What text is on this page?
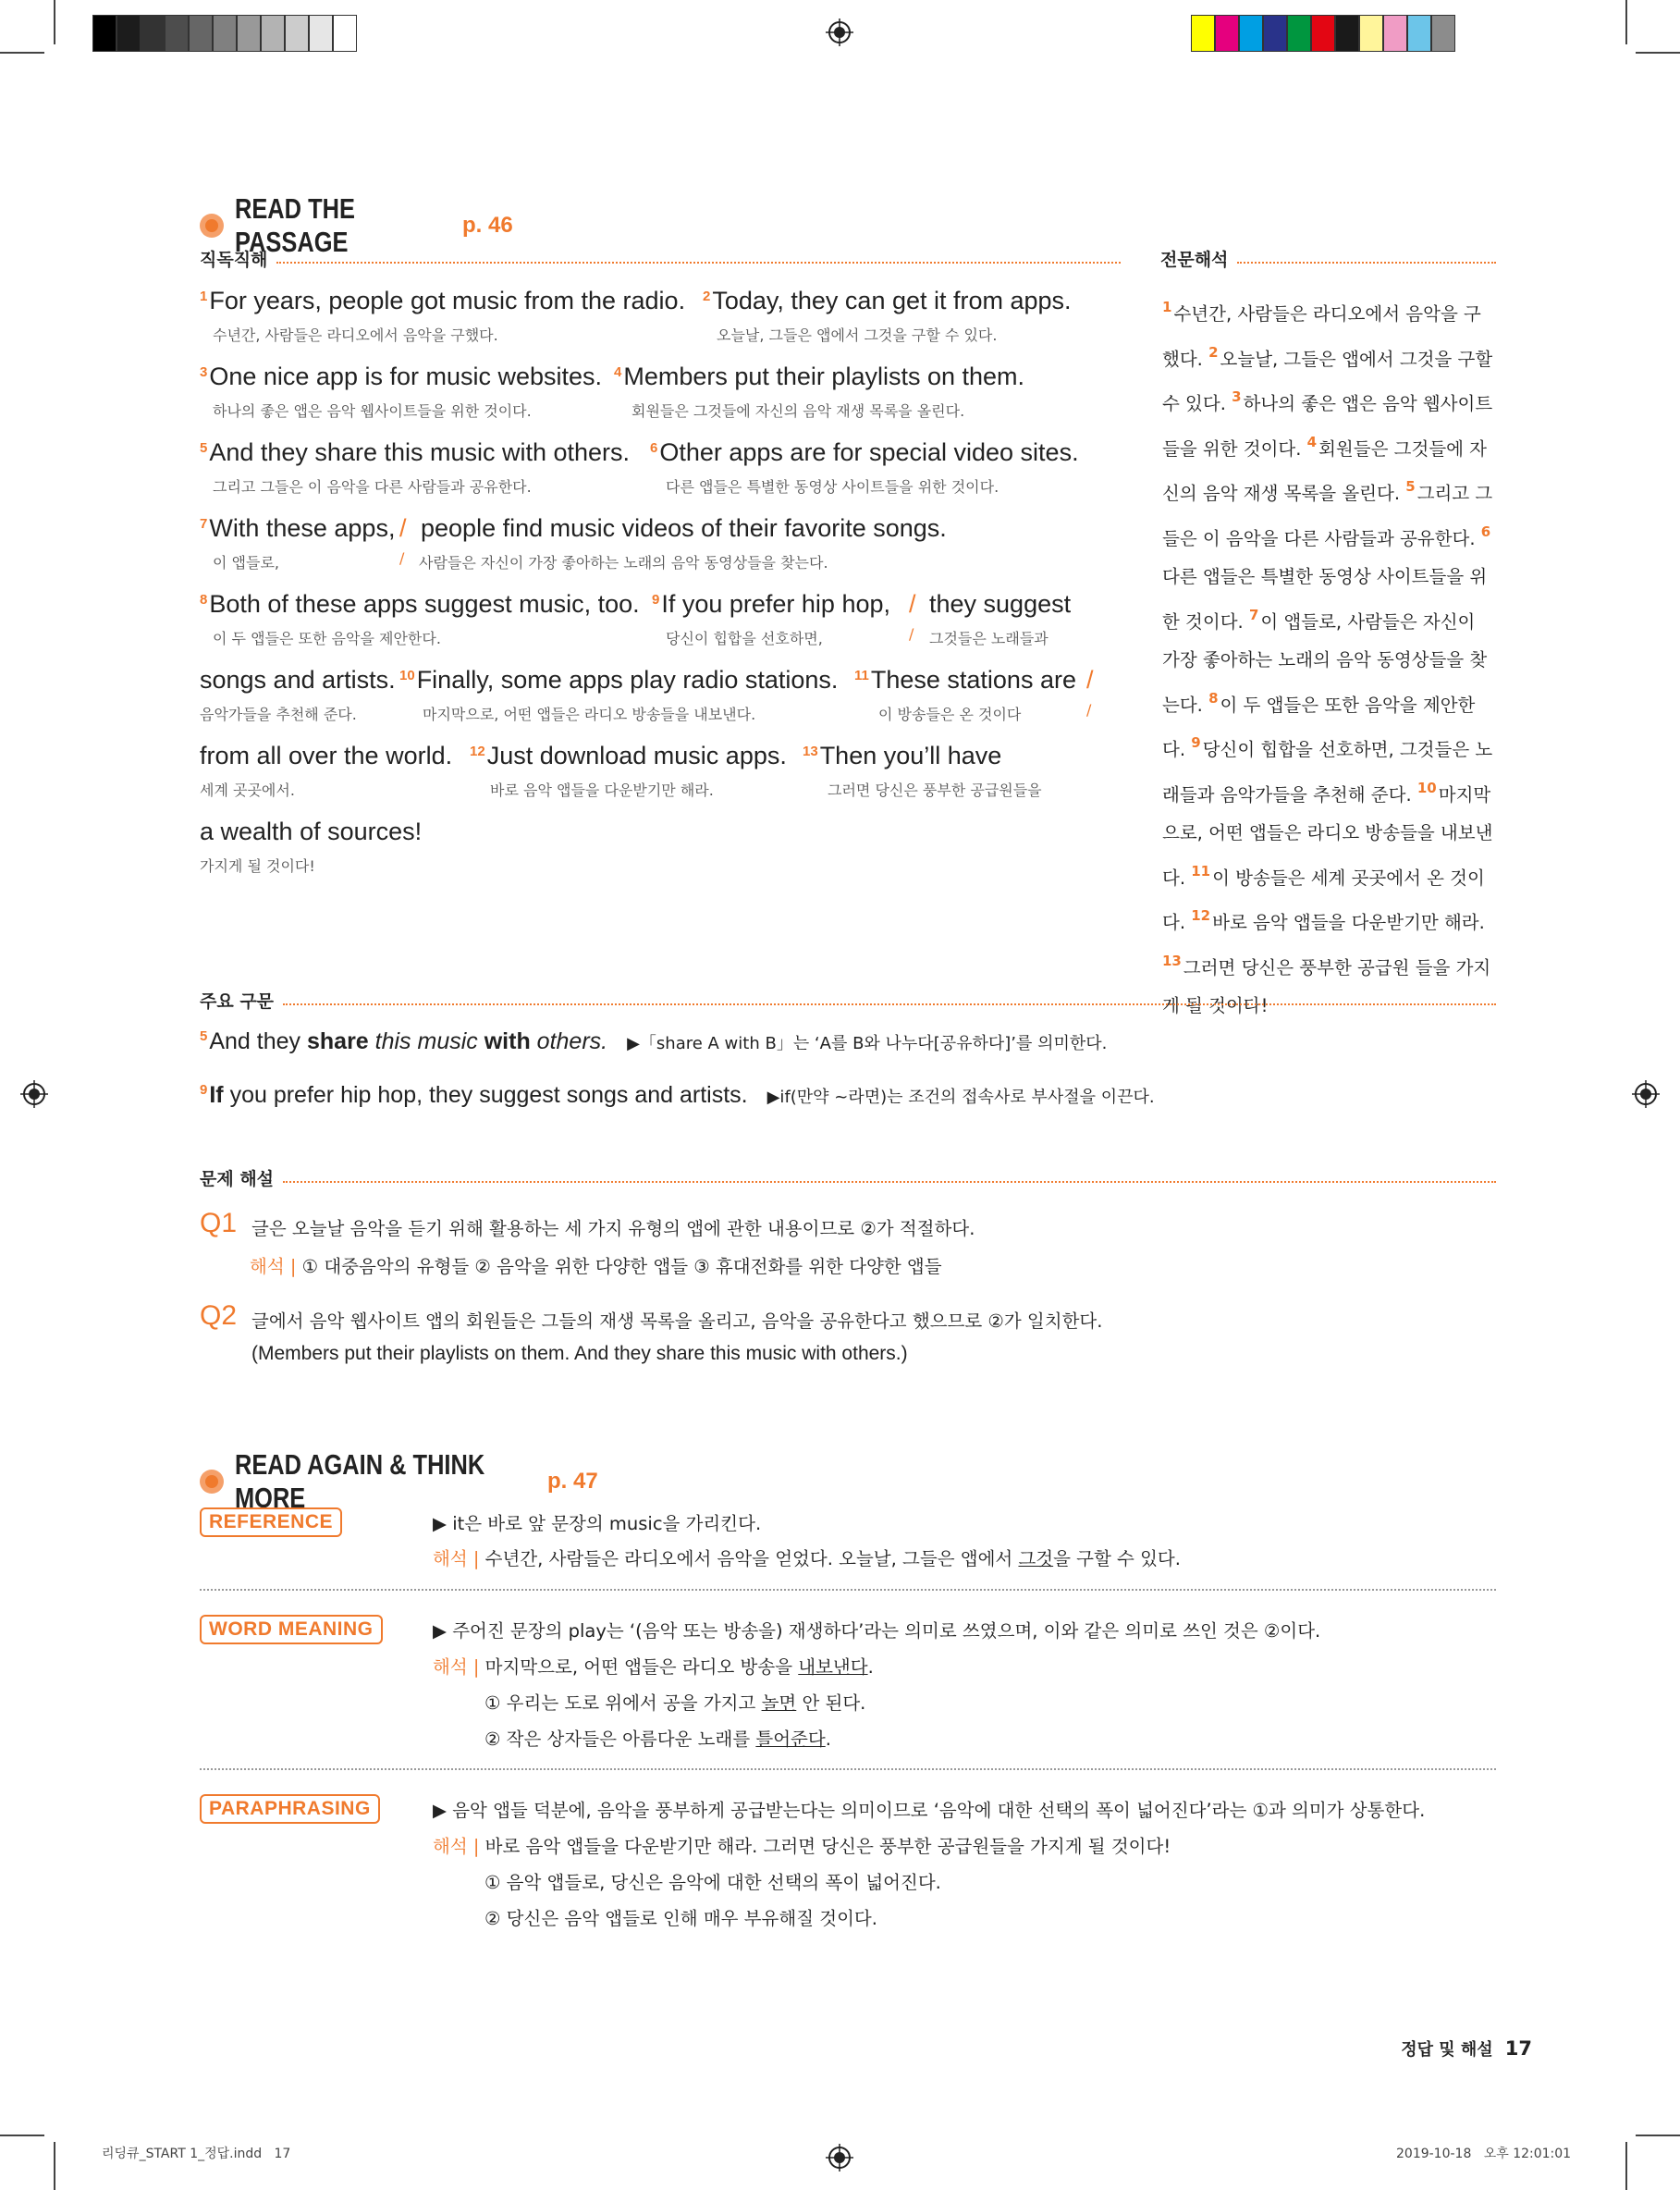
READ THE PASSAGE
p. 46
직독직해	전문해석
$^1$For years, people got music from the radio. $^2$Today, they can get it from apps.
수년간, 사람들은 라디오에서 음악을 구했다.	오늘날, 그들은 앱에서 그것을 구할 수 있다.
$^3$One nice app is for music websites. $^4$Members put their playlists on them.
하나의 좋은 앱은 음악 웹사이트들을 위한 것이다.	회원들은 그것들에 자신의 음악 재생 목록을 올린다.
$^5$And they share this music with others. $^6$Other apps are for special video sites.
그리고 그들은 이 음악을 다른 사람들과 공유한다.	다른 앱들은 특별한 동영상 사이트들을 위한 것이다.
$^7$With these apps, people find music videos of their favorite songs.
이 앱들로,	사람들은 자신이 가장 좋아하는 노래의 음악 동영상들을 찾는다.
/
/
$^8$Both of these apps suggest music, too. $^9$If you prefer hip hop, they suggest
이 두 앱들은 또한 음악을 제안한다.	당신이 힙합을 선호하면,	그것들은 노래들과
/
/
songs and artists. $^{10}$Finally, some apps play radio stations. $^{11}$These stations are
음악가들을 추천해 준다.	마지막으로, 어떤 앱들은 라디오 방송들을 내보낸다.	이 방송들은 온 것이다
/
/
from all over the world. $^{12}$Just download music apps. $^{13}$Then you’ll have
세계 곳곳에서.	바로 음악 앱들을 다운받기만 해라.	그러면 당신은 풍부한 공급원들을
a wealth of sources!
가지게 될 것이다!
$^1$ 수년간, 사람들은 라디오에서 음악을 구했다. $^2$ 오늘날, 그들은 앱에서 그것을 구할 수 있다. $^3$ 하나의 좋은 앱은 음악 웹사이트들을 위한 것이다. $^4$ 회원들은 그것들에 자신의 음악 재생 목록을 올린다. $^5$ 그리고 그들은 이 음악을 다른 사람들과 공유한다. $^6$다른 앱들은 특별한 동영상 사이트들을 위한 것이다. $^7$ 이 앱들로, 사람들은 자신이 가장 좋아하는 노래의 음악 동영상들을 찾는다. $^8$ 이 두 앱들은 또한 음악을 제안한다. $^9$ 당신이 힙합을 선호하면, 그것들은 노래들과 음악가들을 추천해 준다. $^{10}$ 마지막으로, 어떤 앱들은 라디오 방송들을 내보낸다. $^{11}$ 이 방송들은 세계 곳곳에서 온 것이다. $^{12}$ 바로 음악 앱들을 다운받기만 해라. $^{13}$ 그러면 당신은 풍부한 공급원 들을 가지게 될 것이다!
주요 구문
$^5$And they share this music with others. ▶「share A with B」는 ‘A를 B와 나누다[공유하다]’를 의미한다.
$^9$If you prefer hip hop, they suggest songs and artists. ▶if(만약 ~라면)는 조건의 접속사로 부사절을 이끈다.
문제 해설
Q1 글은 오늘날 음악을 듣기 위해 활용하는 세 가지 유형의 앱에 관한 내용이므로 ②가 적절하다.
해석 | ① 대중음악의 유형들 ② 음악을 위한 다양한 앱들 ③ 휴대전화를 위한 다양한 앱들
Q2 글에서 음악 웹사이트 앱의 회원들은 그들의 재생 목록을 올리고, 음악을 공유한다고 했으므로 ②가 일치한다.
(Members put their playlists on them. And they share this music with others.)
READ AGAIN & THINK MORE
p. 47
REFERENCE	▶ it은 바로 앞 문장의 music을 가리킨다.
해석 | 수년간, 사람들은 라디오에서 음악을 얻었다. 오늘날, 그들은 앱에서 그것을 구할 수 있다.
WORD MEANING	▶ 주어진 문장의 play는 ‘(음악 또는 방송을) 재생하다’라는 의미로 쓰였으며, 이와 같은 의미로 쓰인 것은 ②이다.
해석 | 마지막으로, 어떤 앱들은 라디오 방송을 내보낸다.
① 우리는 도로 위에서 공을 가지고 놀면 안 된다.
② 작은 상자들은 아름다운 노래를 틀어준다.
PARAPHRASING	▶ 음악 앱들 덕분에, 음악을 풍부하게 공급받는다는 의미이므로 ‘음악에 대한 선택의 폭이 넓어진다’라는 ①과 의미가 상통한다.
해석 | 바로 음악 앱들을 다운받기만 해라. 그러면 당신은 풍부한 공급원들을 가지게 될 것이다!
① 음악 앱들로, 당신은 음악에 대한 선택의 폭이 넓어진다.
② 당신은 음악 앱들로 인해 매우 부유해질 것이다.
정답 및 해설 17
리딩큐_START 1_정답.indd   17	2019-10-18   오후 12:01:01
